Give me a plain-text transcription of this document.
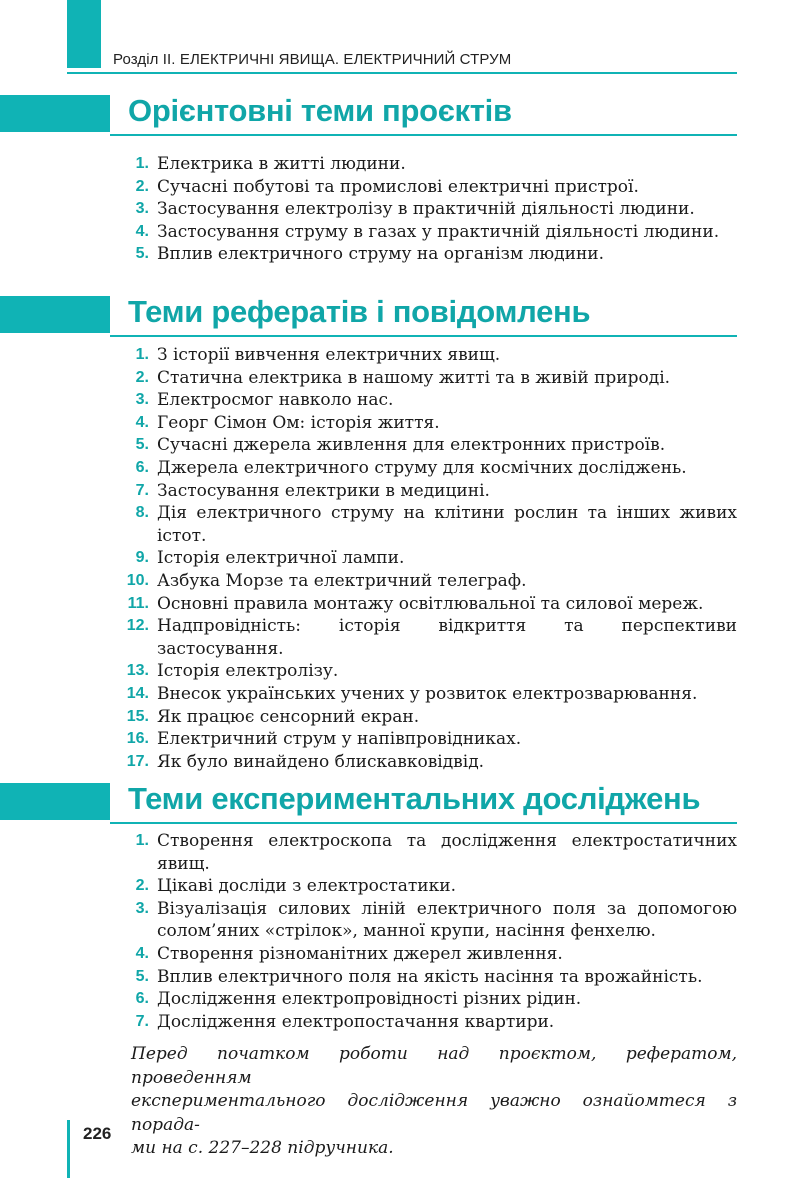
Розділ ІІ. ЕЛЕКТРИЧНІ ЯВИЩА. ЕЛЕКТРИЧНИЙ СТРУМ
Орієнтовні теми проєктів
1. Електрика в житті людини.
2. Сучасні побутові та промислові електричні пристрої.
3. Застосування електролізу в практичній діяльності людини.
4. Застосування струму в газах у практичній діяльності людини.
5. Вплив електричного струму на організм людини.
Теми рефератів і повідомлень
1. З історії вивчення електричних явищ.
2. Статична електрика в нашому житті та в живій природі.
3. Електросмог навколо нас.
4. Георг Сімон Ом: історія життя.
5. Сучасні джерела живлення для електронних пристроїв.
6. Джерела електричного струму для космічних досліджень.
7. Застосування електрики в медицині.
8. Дія електричного струму на клітини рослин та інших живих істот.
9. Історія електричної лампи.
10. Азбука Морзе та електричний телеграф.
11. Основні правила монтажу освітлювальної та силової мереж.
12. Надпровідність: історія відкриття та перспективи застосування.
13. Історія електролізу.
14. Внесок українських учених у розвиток електрозварювання.
15. Як працює сенсорний екран.
16. Електричний струм у напівпровідниках.
17. Як було винайдено блискавковідвід.
Теми експериментальних досліджень
1. Створення електроскопа та дослідження електростатичних явищ.
2. Цікаві досліди з електростатики.
3. Візуалізація силових ліній електричного поля за допомогою солом’яних «стрілок», манної крупи, насіння фенхелю.
4. Створення різноманітних джерел живлення.
5. Вплив електричного поля на якість насіння та врожайність.
6. Дослідження електропровідності різних рідин.
7. Дослідження електропостачання квартири.
Перед початком роботи над проєктом, рефератом, проведенням
експериментального дослідження уважно ознайомтеся з порада-
ми на с. 227–228 підручника.
226
